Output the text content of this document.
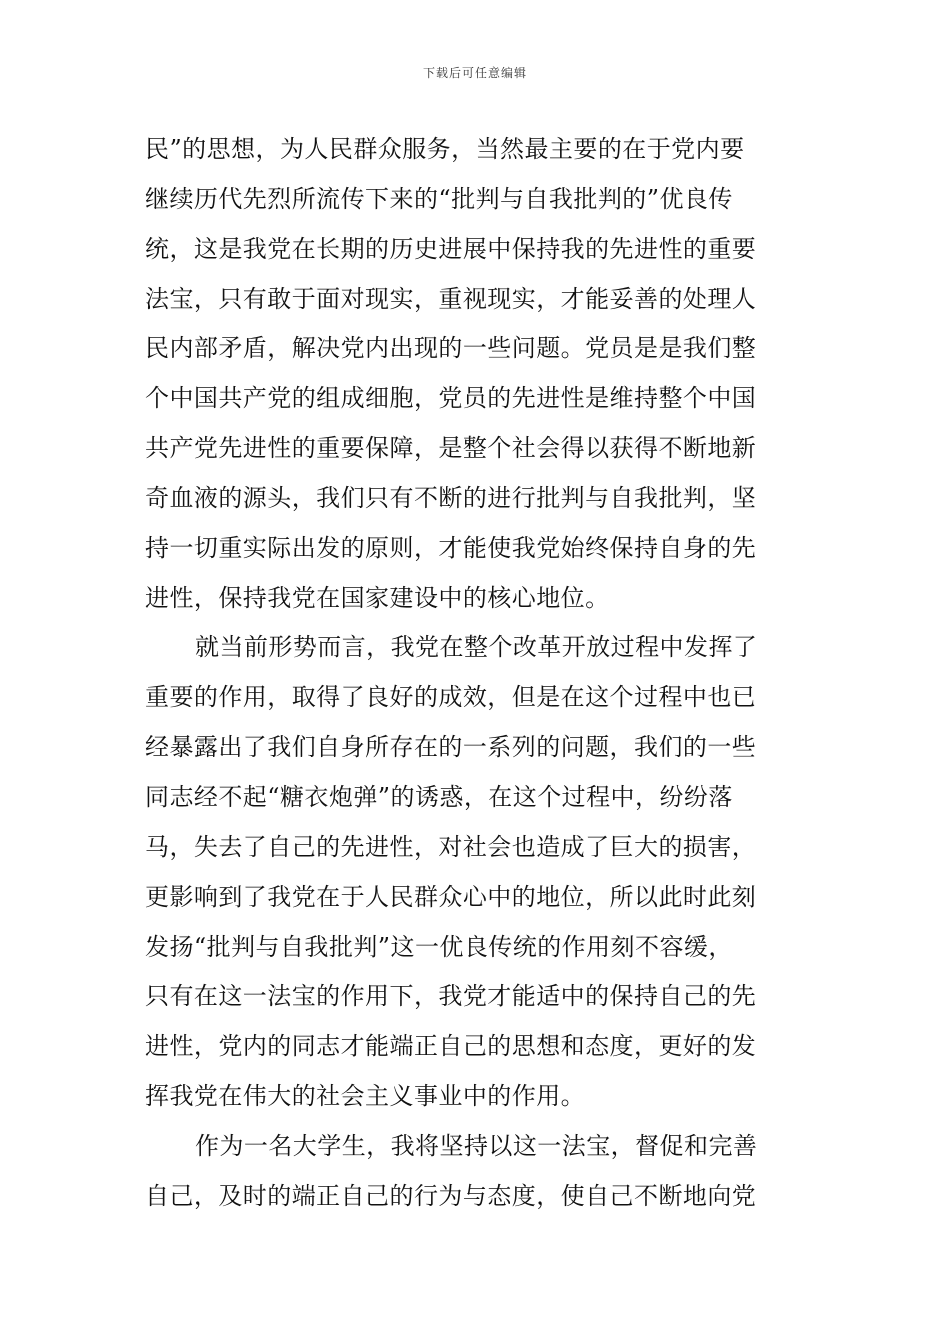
下载后可任意编辑
民”的思想，为人民群众服务，当然最主要的在于党内要
继续历代先烈所流传下来的“批判与自我批判的”优良传
统，这是我党在长期的历史进展中保持我的先进性的重要
法宝，只有敢于面对现实，重视现实，才能妥善的处理人
民内部矛盾，解决党内出现的一些问题。党员是是我们整
个中国共产党的组成细胞，党员的先进性是维持整个中国
共产党先进性的重要保障，是整个社会得以获得不断地新
奇血液的源头，我们只有不断的进行批判与自我批判，坚
持一切重实际出发的原则，才能使我党始终保持自身的先
进性，保持我党在国家建设中的核心地位。
就当前形势而言，我党在整个改革开放过程中发挥了
重要的作用，取得了良好的成效，但是在这个过程中也已
经暴露出了我们自身所存在的一系列的问题，我们的一些
同志经不起“糖衣炮弹”的诱惑，在这个过程中，纷纷落
马，失去了自己的先进性，对社会也造成了巨大的损害，
更影响到了我党在于人民群众心中的地位，所以此时此刻
发扬“批判与自我批判”这一优良传统的作用刻不容缓，
只有在这一法宝的作用下，我党才能适中的保持自己的先
进性，党内的同志才能端正自己的思想和态度，更好的发
挥我党在伟大的社会主义事业中的作用。
作为一名大学生，我将坚持以这一法宝，督促和完善
自己，及时的端正自己的行为与态度，使自己不断地向党
